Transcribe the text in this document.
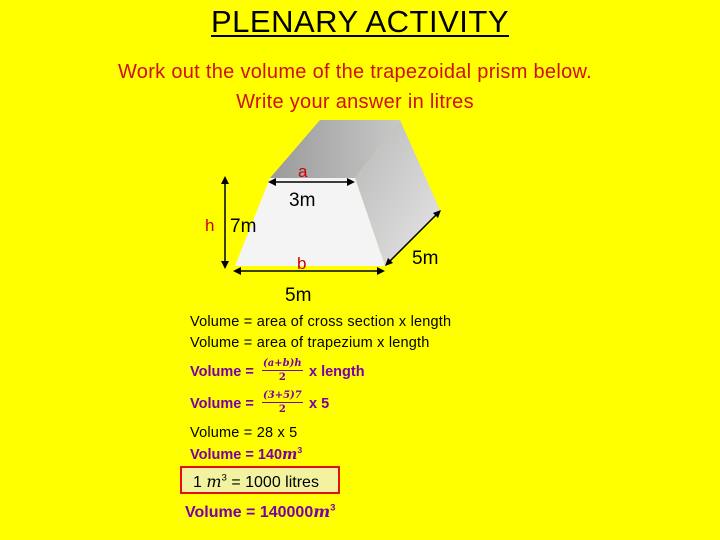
PLENARY ACTIVITY
Work out the volume of the trapezoidal prism below.
Write your answer in litres
a
3m
h 7m
b
5m
5m
Volume = area of cross section x length
Volume = area of trapezium x length
Volume = $\frac{(a+b)h}{2}$ x length
Volume = $\frac{(3+5)7}{2}$ x 5
Volume = 28 x 5
Volume = $140m^3$
1 $m^3 = 1000$ litres
Volume = $140000m^3$
